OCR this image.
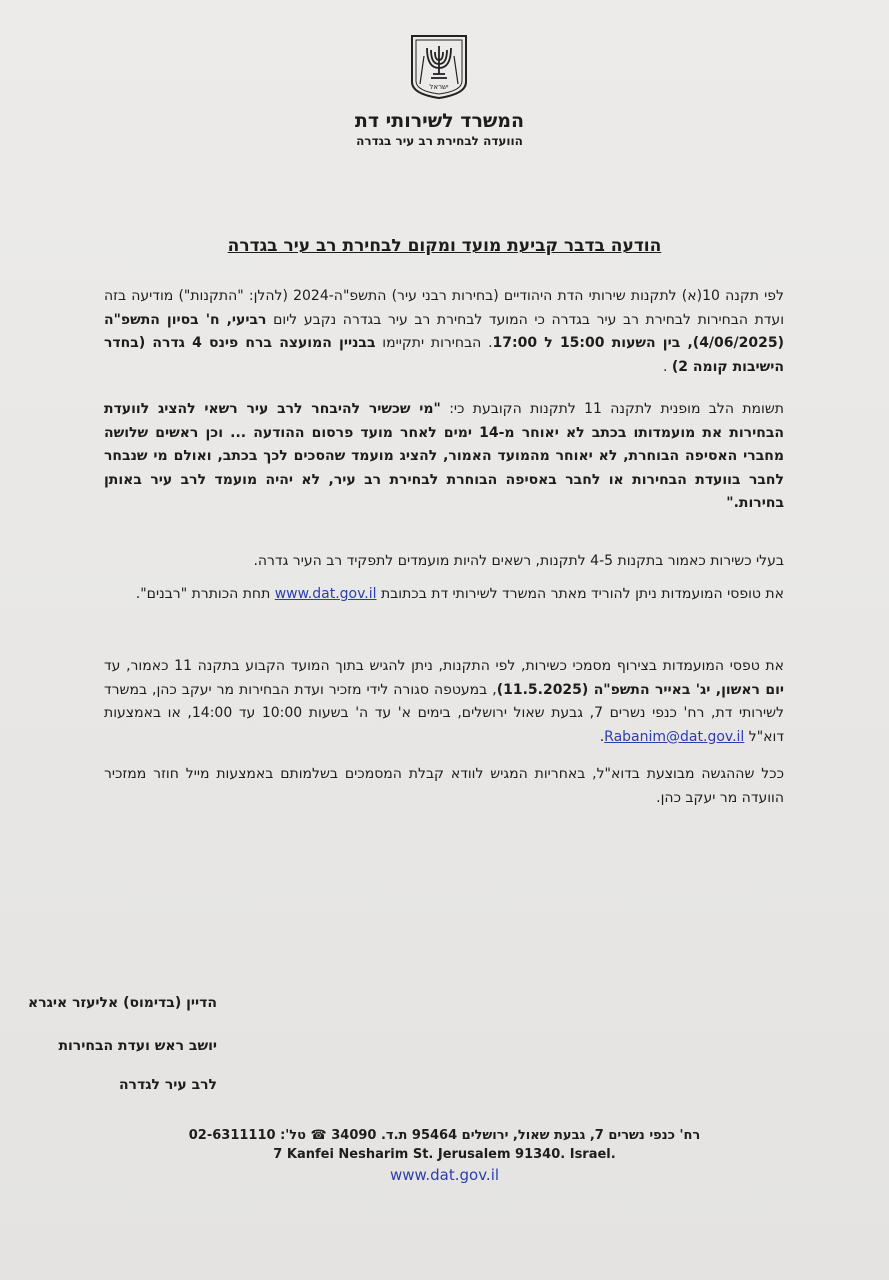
ישראל
המשרד לשירותי דת
הוועדה לבחירת רב עיר בגדרה
הודעה בדבר קביעת מועד ומקום לבחירת רב עיר בגדרה
לפי תקנה 10(א) לתקנות שירותי הדת היהודיים (בחירות רבני עיר) התשפ"ה-2024 (להלן: "התקנות") מודיעה בזה ועדת הבחירות לבחירת רב עיר בגדרה כי המועד לבחירת רב עיר בגדרה נקבע ליום רביעי, ח' בסיון התשפ"ה (4/06/2025), בין השעות 15:00 ל 17:00. הבחירות יתקיימו בבניין המועצה ברח פינס 4 גדרה (בחדר הישיבות קומה 2) .
תשומת הלב מופנית לתקנה 11 לתקנות הקובעת כי: "מי שכשיר להיבחר לרב עיר רשאי להציג לוועדת הבחירות את מועמדותו בכתב לא יאוחר מ-14 ימים לאחר מועד פרסום ההודעה ... וכן ראשים שלושה מחברי האסיפה הבוחרת, לא יאוחר מהמועד האמור, להציג מועמד שהסכים לכך בכתב, ואולם מי שנבחר לחבר בוועדת הבחירות או לחבר באסיפה הבוחרת לבחירת רב עיר, לא יהיה מועמד לרב עיר באותן בחירות."
בעלי כשירות כאמור בתקנות 4-5 לתקנות, רשאים להיות מועמדים לתפקיד רב העיר גדרה.
את טופסי המועמדות ניתן להוריד מאתר המשרד לשירותי דת בכתובת www.dat.gov.il תחת הכותרת "רבנים".
את טפסי המועמדות בצירוף מסמכי כשירות, לפי התקנות, ניתן להגיש בתוך המועד הקבוע בתקנה 11 כאמור, עד יום ראשון, יג' באייר התשפ"ה (11.5.2025), במעטפה סגורה לידי מזכיר ועדת הבחירות מר יעקב כהן, במשרד לשירותי דת, רח' כנפי נשרים 7, גבעת שאול ירושלים, בימים א' עד ה' בשעות 10:00 עד 14:00, או באמצעות דוא"ל Rabanim@dat.gov.il.
ככל שההגשה מבוצעת בדוא"ל, באחריות המגיש לוודא קבלת המסמכים בשלמותם באמצעות מייל חוזר ממזכיר הוועדה מר יעקב כהן.
הדיין (בדימוס) אליעזר איגרא
יושב ראש ועדת הבחירות
לרב עיר לגדרה
רח' כנפי נשרים 7, גבעת שאול, ירושלים 95464 ת.ד. 34090 ☎ טל': 02-6311110
7 Kanfei Nesharim St. Jerusalem 91340. Israel.
www.dat.gov.il
